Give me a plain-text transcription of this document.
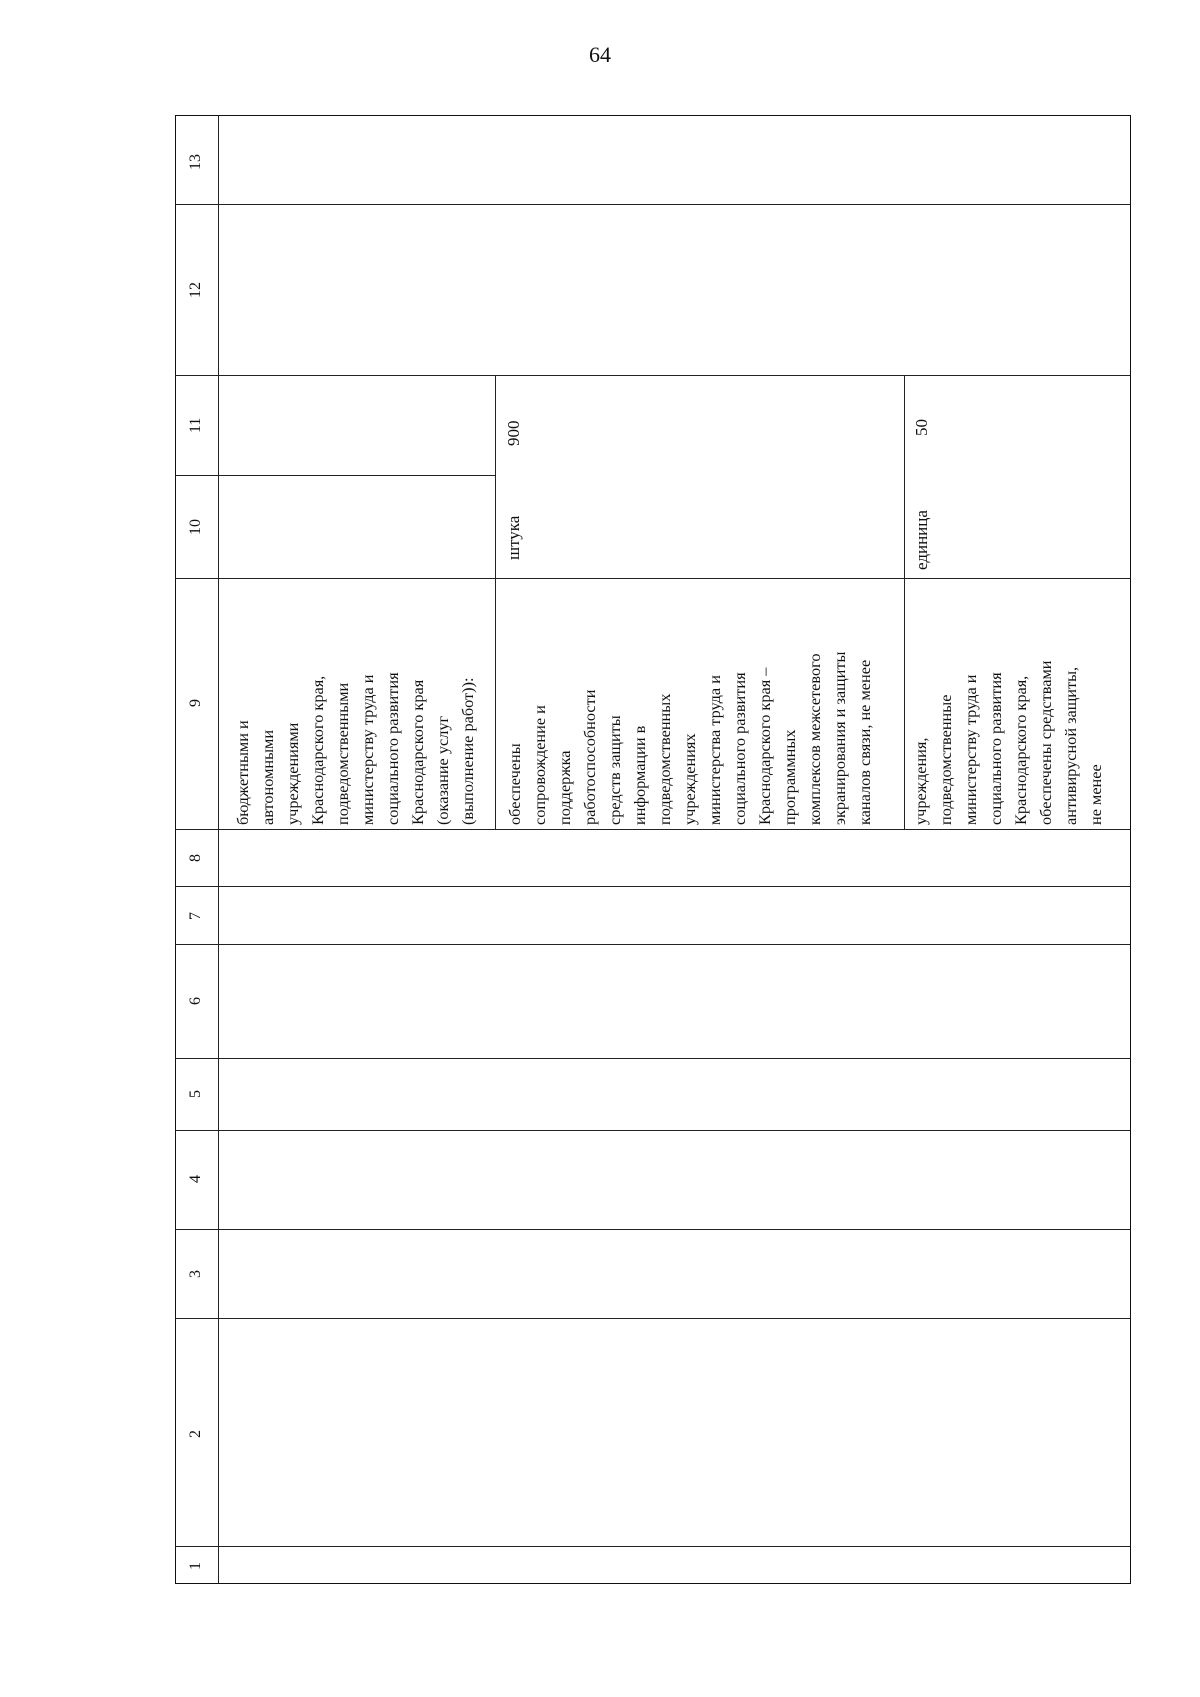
64
13
12
11
10
9
8
7
6
5
4
3
2
1
бюджетными и
автономными
учреждениями
Краснодарского края,
подведомственными
министерству труда и
социального развития
Краснодарского края
(оказание услуг
(выполнение работ)):
обеспечены
сопровождение и
поддержка
работоспособности
средств защиты
информации в
подведомственных
учреждениях
министерства труда и
социального развития
Краснодарского края –
программных
комплексов межсетевого
экранирования и защиты
каналов связи, не менее
штука
900
учреждения,
подведомственные
министерству труда и
социального развития
Краснодарского края,
обеспечены средствами
антивирусной защиты,
не менее
единица
50
